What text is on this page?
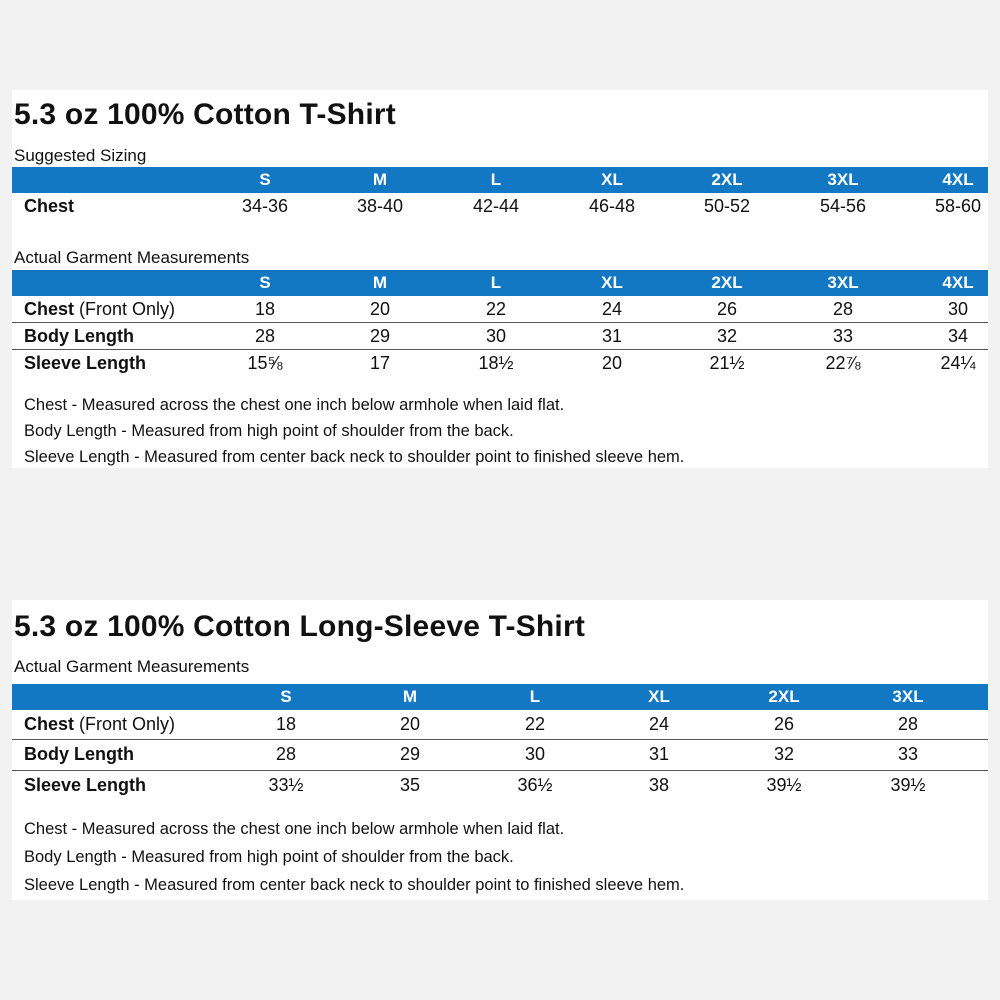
5.3 oz 100% Cotton T-Shirt
Suggested Sizing
S	M	L	XL	2XL	3XL	4XL
Chest	34-36	38-40	42-44	46-48	50-52	54-56	58-60
Actual Garment Measurements
S	M	L	XL	2XL	3XL	4XL
Chest (Front Only)	18	20	22	24	26	28	30
Body Length	28	29	30	31	32	33	34
Sleeve Length	15⅝	17	18½	20	21½	22⅞	24¼
Chest - Measured across the chest one inch below armhole when laid flat.
Body Length - Measured from high point of shoulder from the back.
Sleeve Length - Measured from center back neck to shoulder point to finished sleeve hem.
5.3 oz 100% Cotton Long-Sleeve T-Shirt
Actual Garment Measurements
S	M	L	XL	2XL	3XL
Chest (Front Only)	18	20	22	24	26	28
Body Length	28	29	30	31	32	33
Sleeve Length	33½	35	36½	38	39½	39½
Chest - Measured across the chest one inch below armhole when laid flat.
Body Length - Measured from high point of shoulder from the back.
Sleeve Length - Measured from center back neck to shoulder point to finished sleeve hem.
